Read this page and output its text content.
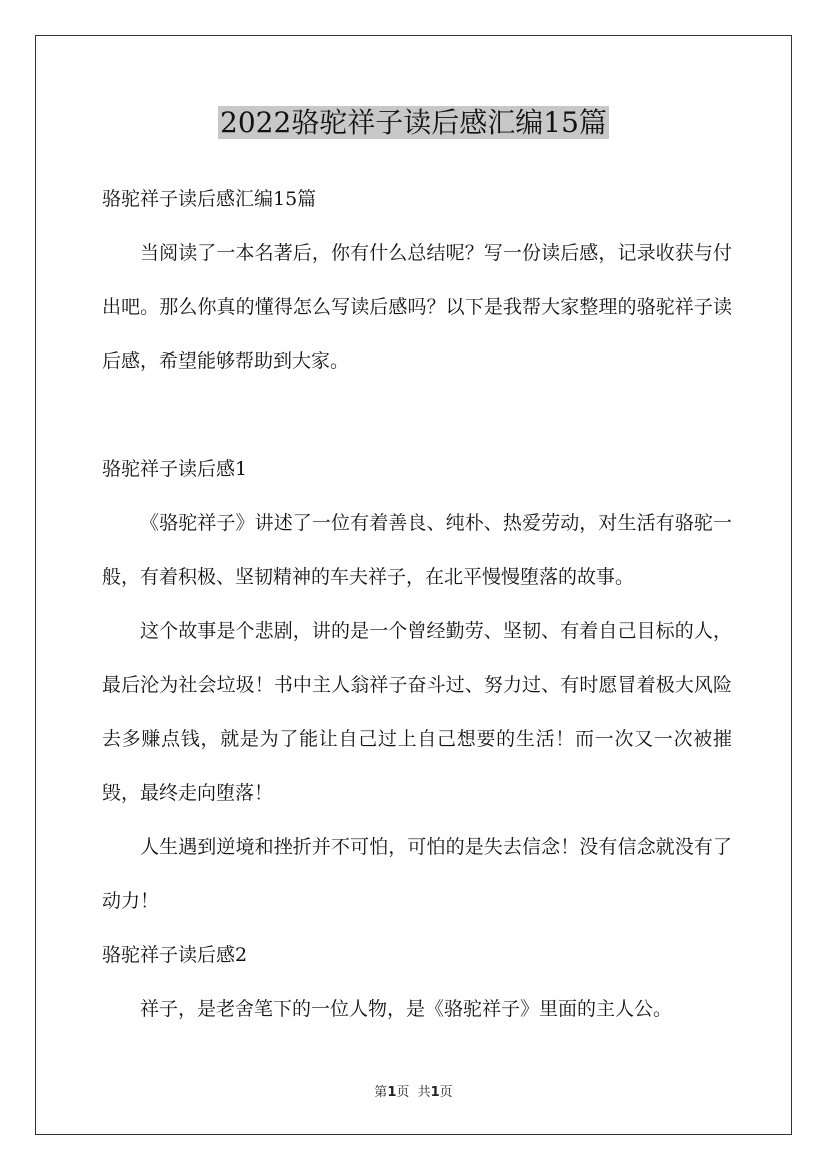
2022骆驼祥子读后感汇编15篇

骆驼祥子读后感汇编15篇

当阅读了一本名著后，你有什么总结呢？写一份读后感，记录收获与付出吧。那么你真的懂得怎么写读后感吗？以下是我帮大家整理的骆驼祥子读后感，希望能够帮助到大家。

骆驼祥子读后感1

《骆驼祥子》讲述了一位有着善良、纯朴、热爱劳动，对生活有骆驼一般，有着积极、坚韧精神的车夫祥子，在北平慢慢堕落的故事。

这个故事是个悲剧，讲的是一个曾经勤劳、坚韧、有着自己目标的人，最后沦为社会垃圾！书中主人翁祥子奋斗过、努力过、有时愿冒着极大风险去多赚点钱，就是为了能让自己过上自己想要的生活！而一次又一次被摧毁，最终走向堕落！

人生遇到逆境和挫折并不可怕，可怕的是失去信念！没有信念就没有了动力！

骆驼祥子读后感2

祥子，是老舍笔下的一位人物，是《骆驼祥子》里面的主人公。

第1页  共1页
